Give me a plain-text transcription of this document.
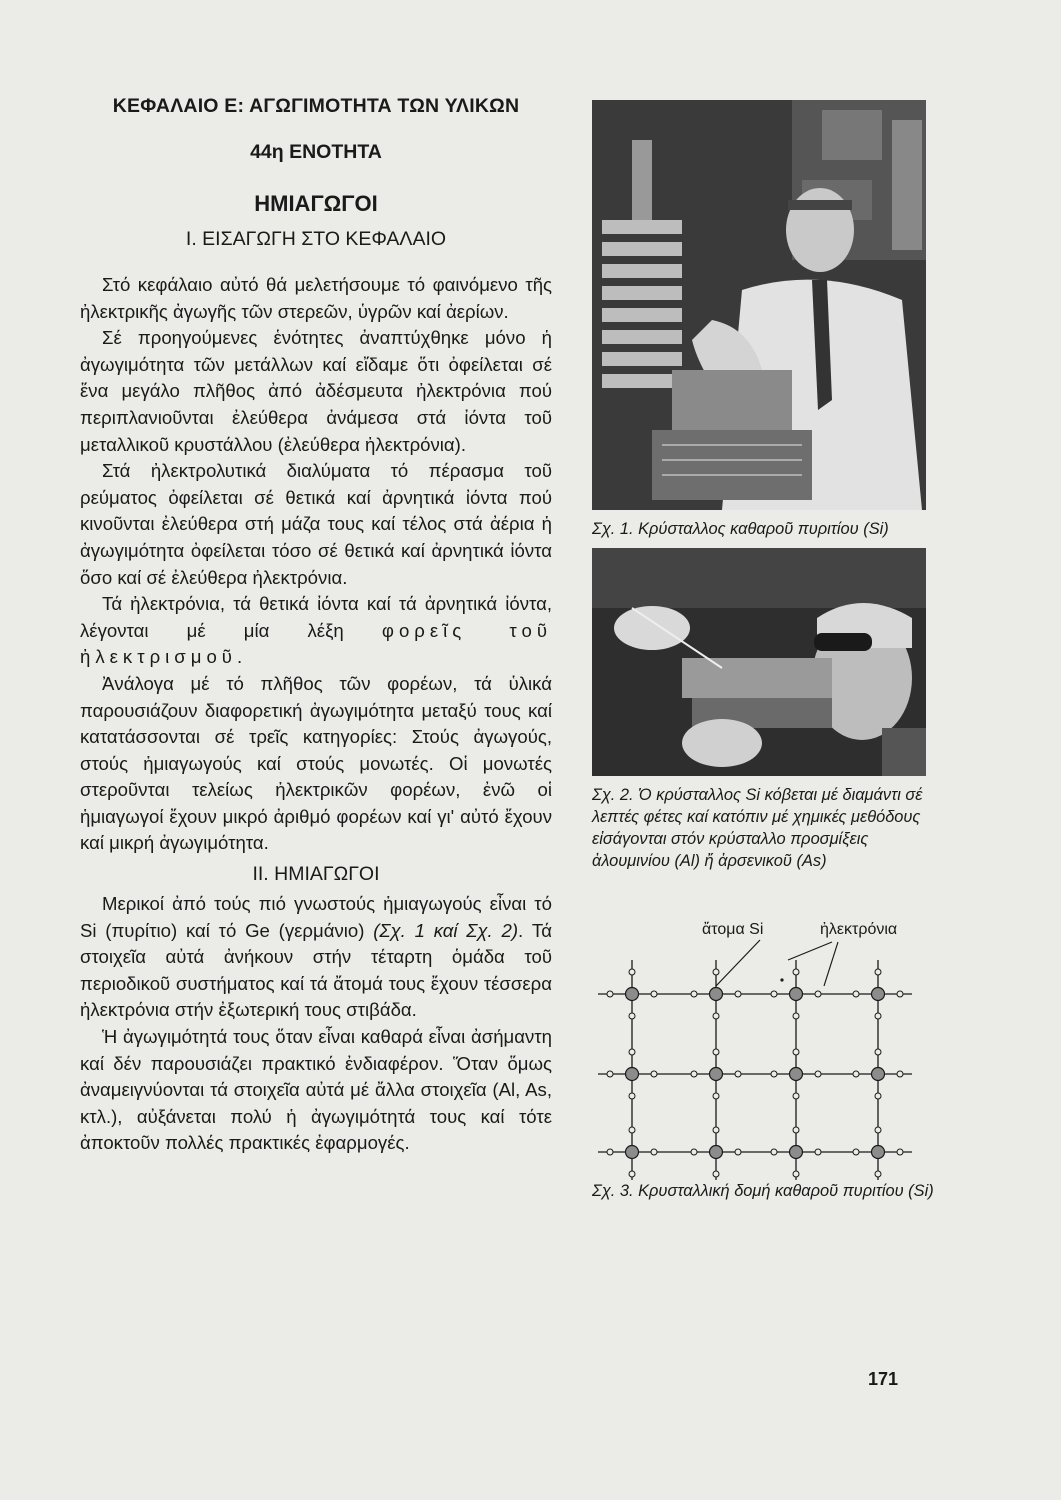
ΚΕΦΑΛΑΙΟ Ε: ΑΓΩΓΙΜΟΤΗΤΑ ΤΩΝ ΥΛΙΚΩΝ
44η ΕΝΟΤΗΤΑ
ΗΜΙΑΓΩΓΟΙ
Ι. ΕΙΣΑΓΩΓΗ ΣΤΟ ΚΕΦΑΛΑΙΟ

Στό κεφάλαιο αὐτό θά μελετήσουμε τό φαινόμενο τῆς ἠλεκτρικῆς ἀγωγῆς τῶν στερεῶν, ὑγρῶν καί ἀερίων.

Σέ προηγούμενες ἑνότητες ἀναπτύχθηκε μόνο ἡ ἀγωγιμότητα τῶν μετάλλων καί εἴδαμε ὅτι ὀφείλεται σέ ἕνα μεγάλο πλῆθος ἀπό ἀδέσμευτα ἠλεκτρόνια πού περιπλανιοῦνται ἐλεύθερα ἀνάμεσα στά ἰόντα τοῦ μεταλλικοῦ κρυστάλλου (ἐλεύθερα ἠλεκτρόνια).

Στά ἠλεκτρολυτικά διαλύματα τό πέρασμα τοῦ ρεύματος ὀφείλεται σέ θετικά καί ἀρνητικά ἰόντα πού κινοῦνται ἐλεύθερα στή μάζα τους καί τέλος στά ἀέρια ἡ ἀγωγιμότητα ὀφείλεται τόσο σέ θετικά καί ἀρνητικά ἰόντα ὅσο καί σέ ἐλεύθερα ἠλεκτρόνια.

Τά ἠλεκτρόνια, τά θετικά ἰόντα καί τά ἀρνητικά ἰόντα, λέγονται μέ μία λέξη φορεῖς τοῦ ἠλεκτρισμοῦ.

Ἀνάλογα μέ τό πλῆθος τῶν φορέων, τά ὑλικά παρουσιάζουν διαφορετική ἀγωγιμότητα μεταξύ τους καί κατατάσσονται σέ τρεῖς κατηγορίες: Στούς ἀγωγούς, στούς ἡμιαγωγούς καί στούς μονωτές. Οἱ μονωτές στεροῦνται τελείως ἠλεκτρικῶν φορέων, ἐνῶ οἱ ἡμιαγωγοί ἔχουν μικρό ἀριθμό φορέων καί γι' αὐτό ἔχουν καί μικρή ἀγωγιμότητα.

ΙΙ. ΗΜΙΑΓΩΓΟΙ

Μερικοί ἀπό τούς πιό γνωστούς ἡμιαγωγούς εἶναι τό Si (πυρίτιο) καί τό Ge (γερμάνιο) (Σχ. 1 καί Σχ. 2). Τά στοιχεῖα αὐτά ἀνήκουν στήν τέταρτη ὁμάδα τοῦ περιοδικοῦ συστήματος καί τά ἄτομά τους ἔχουν τέσσερα ἠλεκτρόνια στήν ἐξωτερική τους στιβάδα.

Ἡ ἀγωγιμότητά τους ὅταν εἶναι καθαρά εἶναι ἀσήμαντη καί δέν παρουσιάζει πρακτικό ἐνδιαφέρον. Ὅταν ὅμως ἀναμειγνύονται τά στοιχεῖα αὐτά μέ ἄλλα στοιχεῖα (Al, As, κτλ.), αὐξάνεται πολύ ἡ ἀγωγιμότητά τους καί τότε ἀποκτοῦν πολλές πρακτικές ἐφαρμογές.

Σχ. 1. Κρύσταλλος καθαροῦ πυριτίου (Si)
Σχ. 2. Ὁ κρύσταλλος Si κόβεται μέ διαμάντι σέ λεπτές φέτες καί κατόπιν μέ χημικές μεθόδους εἰσάγονται στόν κρύσταλλο προσμίξεις ἀλουμινίου (Al) ἤ ἀρσενικοῦ (As)
ἄτομα Si	ἠλεκτρόνια
Σχ. 3. Κρυσταλλική δομή καθαροῦ πυριτίου (Si)
171
